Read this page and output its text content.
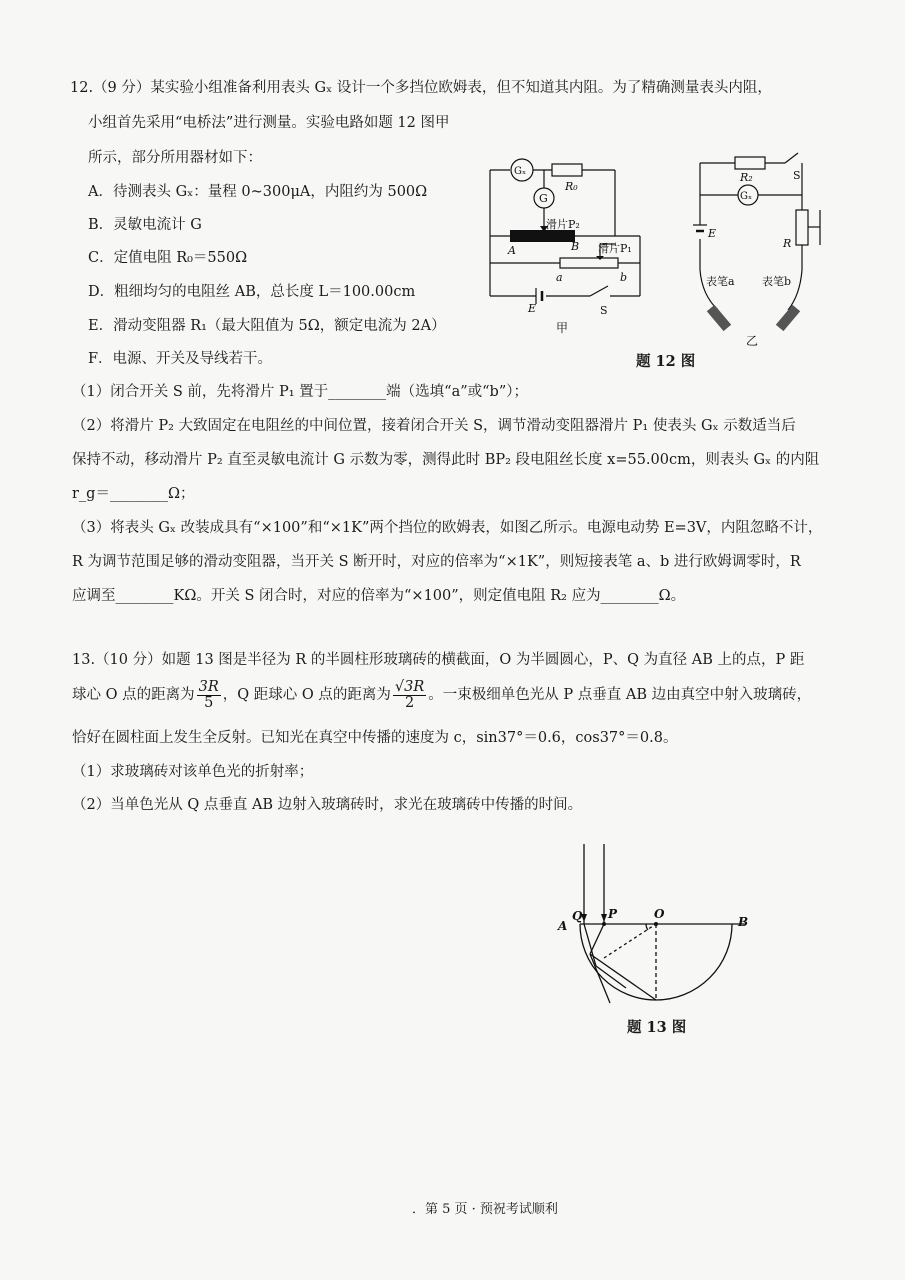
12.（9 分）某实验小组准备利用表头 Gₓ 设计一个多挡位欧姆表，但不知道其内阻。为了精确测量表头内阻，
小组首先采用“电桥法”进行测量。实验电路如题 12 图甲
所示，部分所用器材如下：
A．待测表头 Gₓ：量程 0~300μA，内阻约为 500Ω
B．灵敏电流计 G
C．定值电阻 R₀＝550Ω
D．粗细均匀的电阻丝 AB，总长度 L＝100.00cm
E．滑动变阻器 R₁（最大阻值为 5Ω，额定电流为 2A）
F．电源、开关及导线若干。	题 12 图
（1）闭合开关 S 前，先将滑片 P₁ 置于________端（选填“a”或“b”）；
（2）将滑片 P₂ 大致固定在电阻丝的中间位置，接着闭合开关 S，调节滑动变阻器滑片 P₁ 使表头 Gₓ 示数适当后
保持不动，移动滑片 P₂ 直至灵敏电流计 G 示数为零，测得此时 BP₂ 段电阻丝长度 x=55.00cm，则表头 Gₓ 的内阻
r_g＝________Ω；
（3）将表头 Gₓ 改装成具有“×100”和“×1K”两个挡位的欧姆表，如图乙所示。电源电动势 E=3V，内阻忽略不计，
R 为调节范围足够的滑动变阻器，当开关 S 断开时，对应的倍率为“×1K”，则短接表笔 a、b 进行欧姆调零时，R
应调至________KΩ。开关 S 闭合时，对应的倍率为“×100”，则定值电阻 R₂ 应为________Ω。
Gₓ
G
R₀
滑片P₂
滑片P₁
A	B
a	b
E	S
甲
R₂	S
Gₓ
E
R
表笔a 表笔b
乙
13.（10 分）如题 13 图是半径为 R 的半圆柱形玻璃砖的横截面，O 为半圆圆心，P、Q 为直径 AB 上的点，P 距
球心 O 点的距离为 $\frac{3R}{5}$ ，Q 距球心 O 点的距离为 $\frac{√3R}{2}$ 。一束极细单色光从 P 点垂直 AB 边由真空中射入玻璃砖，
恰好在圆柱面上发生全反射。已知光在真空中传播的速度为 c，sin37°＝0.6，cos37°＝0.8。
（1）求玻璃砖对该单色光的折射率；
（2）当单色光从 Q 点垂直 AB 边射入玻璃砖时，求光在玻璃砖中传播的时间。
Q P	O
A	B
题 13 图
．第 5 页 · 预祝考试顺利
